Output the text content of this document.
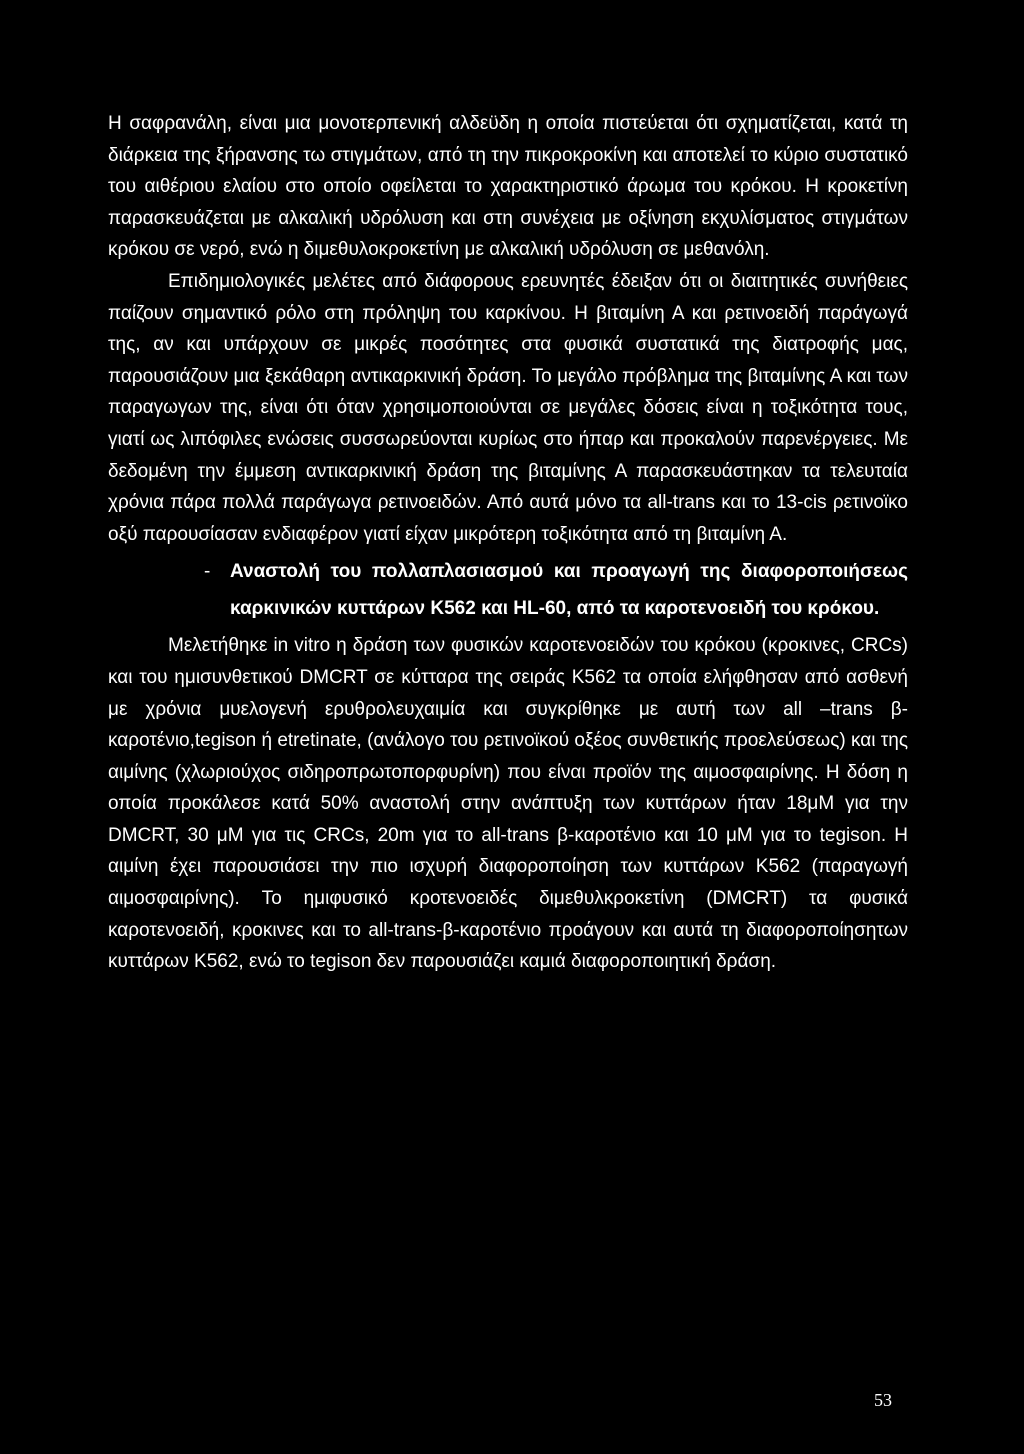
Η σαφρανάλη, είναι μια μονοτερπενική αλδεϋδη η οποία πιστεύεται ότι σχηματίζεται, κατά τη διάρκεια της ξήρανσης τω στιγμάτων, από τη την πικροκροκίνη και αποτελεί το κύριο συστατικό του αιθέριου ελαίου στο οποίο οφείλεται το χαρακτηριστικό άρωμα του κρόκου. Η κροκετίνη παρασκευάζεται με αλκαλική υδρόλυση και στη συνέχεια με οξίνηση εκχυλίσματος στιγμάτων κρόκου σε νερό, ενώ η διμεθυλοκροκετίνη με αλκαλική υδρόλυση σε μεθανόλη.

Επιδημιολογικές μελέτες από διάφορους ερευνητές έδειξαν ότι οι διαιτητικές συνήθειες παίζουν σημαντικό ρόλο στη πρόληψη του καρκίνου. Η βιταμίνη Α και ρετινοειδή παράγωγά της, αν και υπάρχουν σε μικρές ποσότητες στα φυσικά συστατικά της διατροφής μας, παρουσιάζουν μια ξεκάθαρη αντικαρκινική δράση. Το μεγάλο πρόβλημα της βιταμίνης Α και των παραγωγων της, είναι ότι όταν χρησιμοποιούνται σε μεγάλες δόσεις είναι η τοξικότητα τους, γιατί ως λιπόφιλες ενώσεις συσσωρεύονται κυρίως στο ήπαρ και προκαλούν παρενέργειες. Με δεδομένη την έμμεση αντικαρκινική δράση της βιταμίνης Α παρασκευάστηκαν τα τελευταία χρόνια πάρα πολλά παράγωγα ρετινοειδών. Από αυτά μόνο τα all-trans και το 13-cis ρετινοϊκο οξύ παρουσίασαν ενδιαφέρον γιατί είχαν μικρότερη τοξικότητα από τη βιταμίνη Α.

- Αναστολή του πολλαπλασιασμού και προαγωγή της διαφοροποιήσεως καρκινικών κυττάρων K562 και HL-60, από τα καροτενοειδή του κρόκου.

Μελετήθηκε in vitro η δράση των φυσικών καροτενοειδών του κρόκου (κροκινες, CRCs) και του ημισυνθετικού DMCRT σε κύτταρα της σειράς K562 τα οποία ελήφθησαν από ασθενή με χρόνια μυελογενή ερυθρολευχαιμία και συγκρίθηκε με αυτή των all –trans β-καροτένιο,tegison ή etretinate, (ανάλογο του ρετινοϊκού οξέος συνθετικής προελεύσεως) και της αιμίνης (χλωριούχος σιδηροπρωτοπορφυρίνη) που είναι προϊόν της αιμοσφαιρίνης. Η δόση η οποία προκάλεσε κατά 50% αναστολή στην ανάπτυξη των κυττάρων ήταν 18μΜ για την DMCRT, 30 μΜ για τις CRCs, 20m για το all-trans β-καροτένιο και 10 μΜ για το tegison. Η αιμίνη έχει παρουσιάσει την πιο ισχυρή διαφοροποίηση των κυττάρων K562 (παραγωγή αιμοσφαιρίνης). Το ημιφυσικό κροτενοειδές διμεθυλκροκετίνη (DMCRT) τα φυσικά καροτενοειδή, κροκινες και το all-trans-β-καροτένιο προάγουν και αυτά τη διαφοροποίησητων κυττάρων K562, ενώ το tegison δεν παρουσιάζει καμιά διαφοροποιητική δράση.

53
